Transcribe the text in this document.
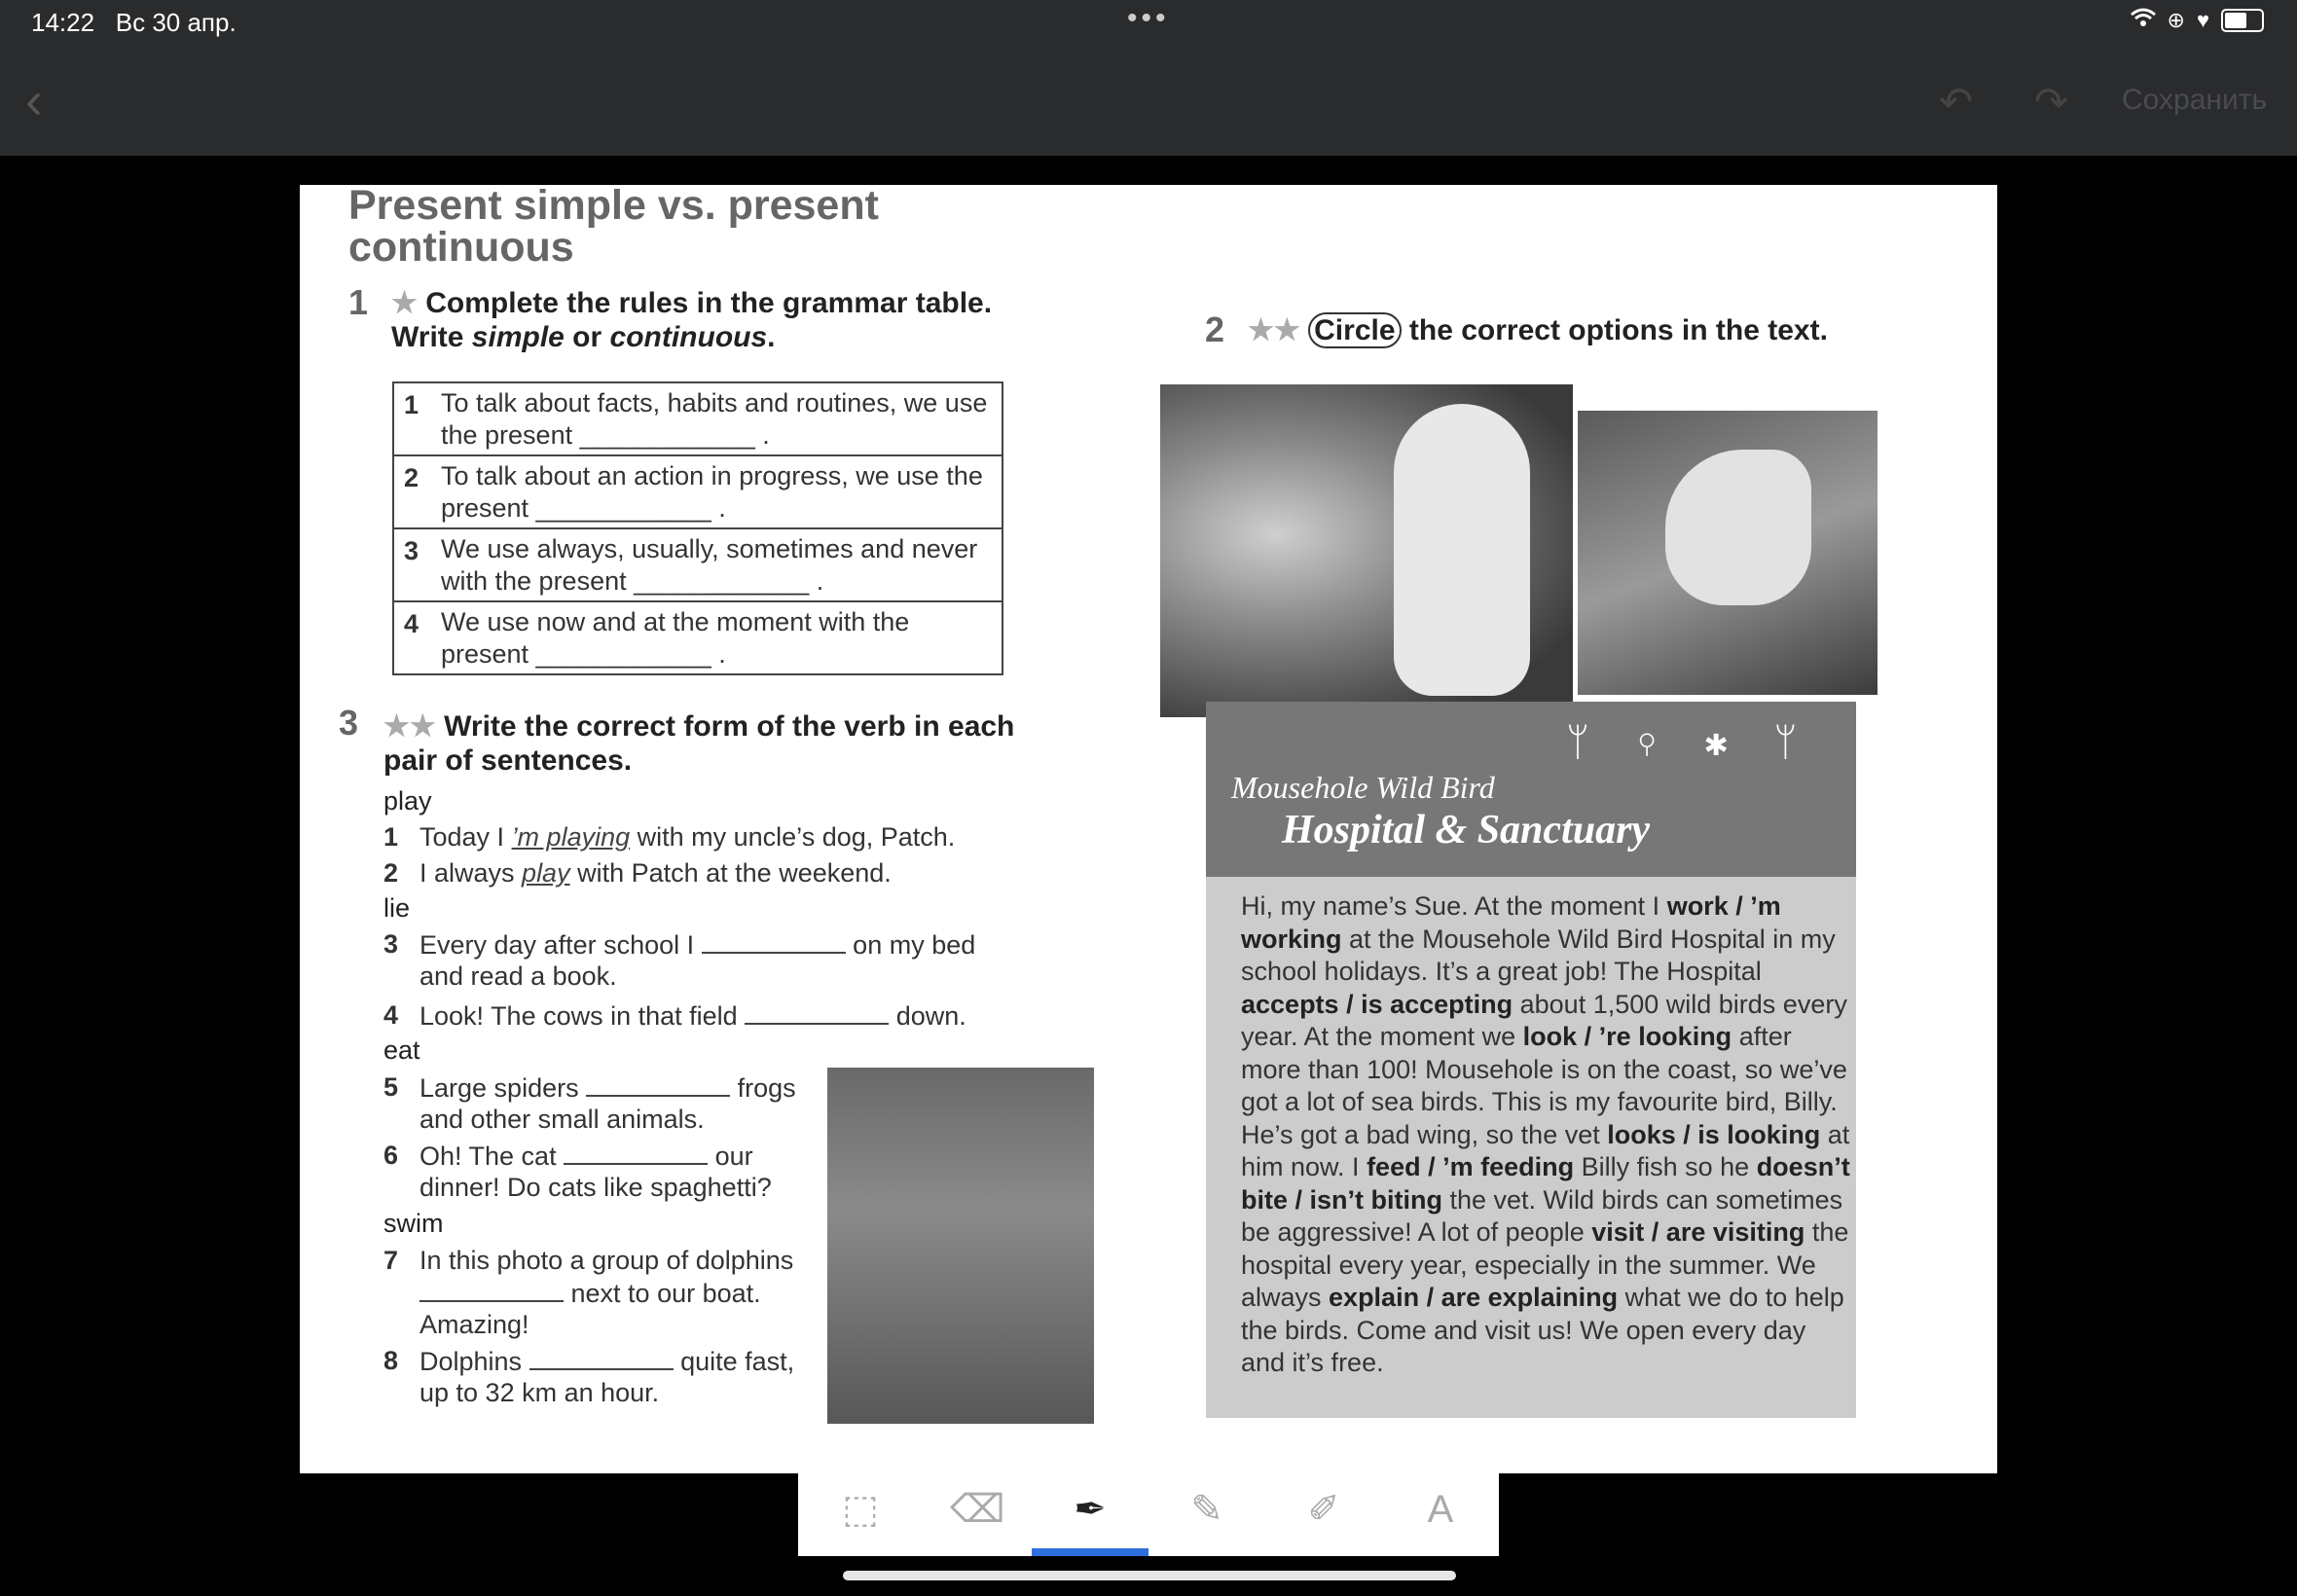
14:22 Вс 30 апр.	•••	⊕ ♥
‹	↶ ↷ Сохранить
Present simple vs. present continuous
1 ★ Complete the rules in the grammar table.
Write simple or continuous.
1 To talk about facts, habits and routines, we use the present ____________ .
2 To talk about an action in progress, we use the present ____________ .
3 We use always, usually, sometimes and never with the present ____________ .
4 We use now and at the moment with the present ____________ .
3 ★★ Write the correct form of the verb in each
pair of sentences.
play
1 Today I ’m playing with my uncle’s dog, Patch.
2 I always play with Patch at the weekend.
lie
3 Every day after school I	on my bed
and read a book.
4 Look! The cows in that field	down.
eat
5 Large spiders	frogs
and other small animals.
6 Oh! The cat	our
dinner! Do cats like spaghetti?
swim
7 In this photo a group of dolphins
next to our boat.
Amazing!
8 Dolphins	quite fast,
up to 32 km an hour.
2 ★★ Circle the correct options in the text.
ᛘ ⚲ ✱ ᛘ
Mousehole Wild Bird
Hospital & Sanctuary

Hi, my name’s Sue. At the moment I work / ’m working at the Mousehole Wild Bird Hospital in my school holidays. It’s a great job! The Hospital accepts / is accepting about 1,500 wild birds every year. At the moment we look / ’re looking after more than 100! Mousehole is on the coast, so we’ve got a lot of sea birds. This is my favourite bird, Billy. He’s got a bad wing, so the vet looks / is looking at him now. I feed / ’m feeding Billy fish so he doesn’t bite / isn’t biting the vet. Wild birds can sometimes be aggressive! A lot of people visit / are visiting the hospital every year, especially in the summer. We always explain / are explaining what we do to help the birds. Come and visit us! We open every day and it’s free.

⬚ ⌫ ✒ ✎ ✐	A
